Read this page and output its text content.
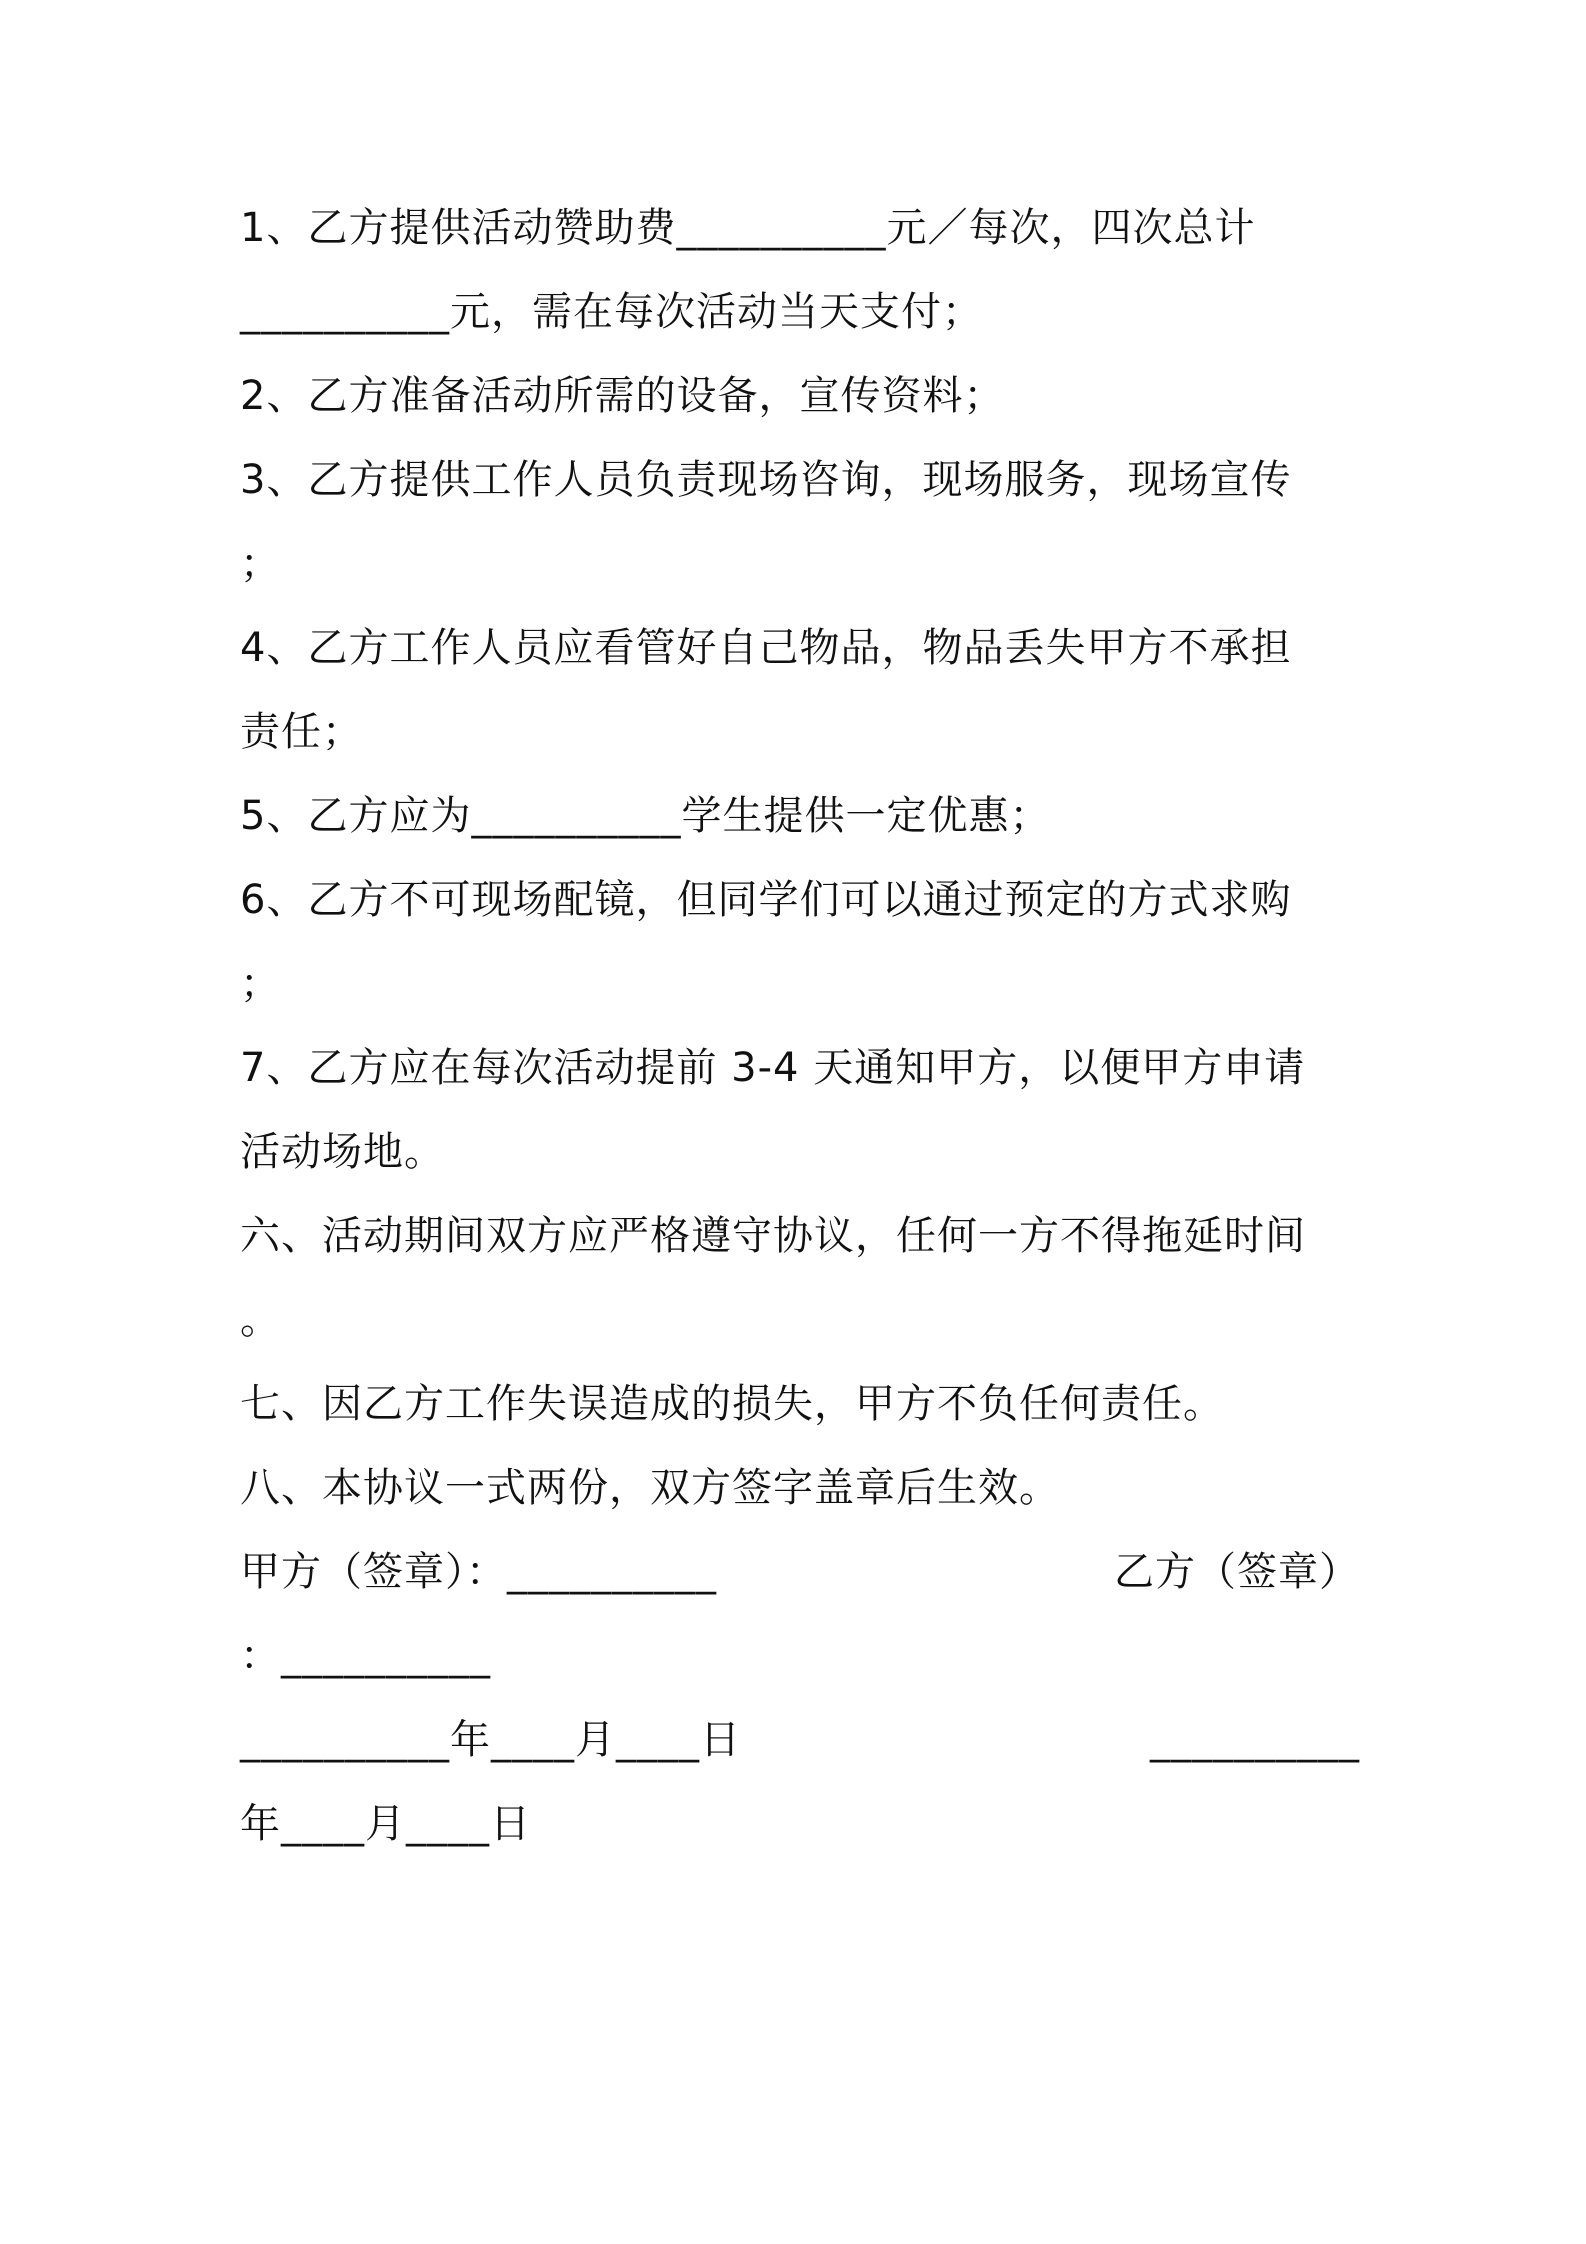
1、乙方提供活动赞助费__________元／每次，四次总计
__________元，需在每次活动当天支付；
2、乙方准备活动所需的设备，宣传资料；
3、乙方提供工作人员负责现场咨询，现场服务，现场宣传
；
4、乙方工作人员应看管好自己物品，物品丢失甲方不承担
责任；
5、乙方应为__________学生提供一定优惠；
6、乙方不可现场配镜，但同学们可以通过预定的方式求购
；
7、乙方应在每次活动提前 3-4 天通知甲方，以便甲方申请
活动场地。
六、活动期间双方应严格遵守协议，任何一方不得拖延时间
。
七、因乙方工作失误造成的损失，甲方不负任何责任。
八、本协议一式两份，双方签字盖章后生效。
甲方（签章）：__________	乙方（签章）
：__________
__________年____月____日	__________
年____月____日
